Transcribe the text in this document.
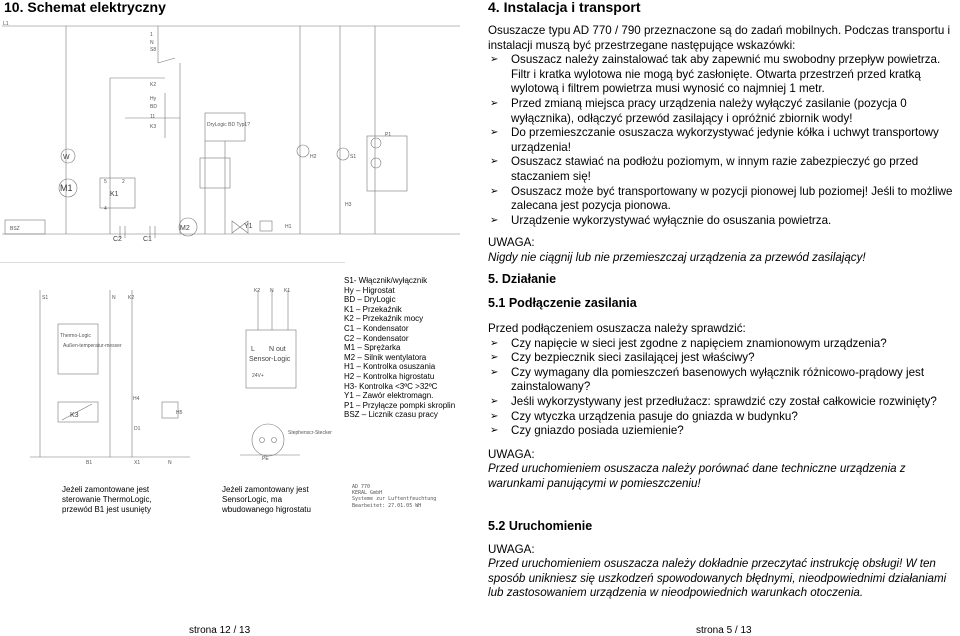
10. Schemat elektryczny
W
M1
K1
5	2
4
M2	Y1
C2	C1
BSZ
DryLogic BD Typ1?
H2	S1
P1
H1
H3
K2
Hy
BD
S8
N
11
K3
L1
1
Thermo-Logic
Außen-temperatur-messer
K3
H4
H5
L N out
Sensor-Logic
24V+
Stephenscr-Stecker
S1	N K2
K2 N K1
B1	X1	N
D1
PE
S1- Włącznik/wyłącznik
Hy – Higrostat
BD – DryLogic
K1 – Przekaźnik
K2 – Przekaźnik mocy
C1 – Kondensator
C2 – Kondensator
M1 – Sprężarka
M2 – Silnik wentylatora
H1 – Kontrolka osuszania
H2 – Kontrolka higrostatu
H3- Kontrolka <3ºC >32ºC
Y1 – Zawór elektromagn.
P1 – Przyłącze pompki skroplin
BSZ – Licznik czasu pracy
Jeżeli zamontowane jest
sterowanie ThermoLogic,
przewód B1 jest usunięty
Jeżeli zamontowany jest
SensorLogic, ma
wbudowanego higrostatu
AD 770
KERAL GmbH
Systeme zur Luftentfeuchtung
Bearbeitet: 27.01.05 WH
strona 12 / 13
4. Instalacja i transport
Osuszacze typu AD 770 / 790 przeznaczone są do zadań mobilnych. Podczas transportu i instalacji muszą być przestrzegane następujące wskazówki:
➢ Osuszacz należy zainstalować tak aby zapewnić mu swobodny przepływ powietrza. Filtr i kratka wylotowa nie mogą być zasłonięte. Otwarta przestrzeń przed kratką wylotową i filtrem powietrza musi wynosić co najmniej 1 metr.
➢ Przed zmianą miejsca pracy urządzenia należy wyłączyć zasilanie (pozycja 0 wyłącznika), odłączyć przewód zasilający i opróżnić zbiornik wody!
➢ Do przemieszczanie osuszacza wykorzystywać jedynie kółka i uchwyt transportowy urządzenia!
➢ Osuszacz stawiać na podłożu poziomym, w innym razie zabezpieczyć go przed staczaniem się!
➢ Osuszacz może być transportowany w pozycji pionowej lub poziomej! Jeśli to możliwe zalecana jest pozycja pionowa.
➢ Urządzenie wykorzystywać wyłącznie do osuszania powietrza.
UWAGA:
Nigdy nie ciągnij lub nie przemieszczaj urządzenia za przewód zasilający!
5. Działanie
5.1 Podłączenie zasilania
Przed podłączeniem osuszacza należy sprawdzić:
➢ Czy napięcie w sieci jest zgodne z napięciem znamionowym urządzenia?
➢ Czy bezpiecznik sieci zasilającej jest właściwy?
➢ Czy wymagany dla pomieszczeń basenowych wyłącznik różnicowo-prądowy jest zainstalowany?
➢ Jeśli wykorzystywany jest przedłużacz: sprawdzić czy został całkowicie rozwinięty?
➢ Czy wtyczka urządzenia pasuje do gniazda w budynku?
➢ Czy gniazdo posiada uziemienie?
UWAGA:
Przed uruchomieniem osuszacza należy porównać dane techniczne urządzenia z warunkami panującymi w pomieszczeniu!
5.2 Uruchomienie
UWAGA:
Przed uruchomieniem osuszacza należy dokładnie przeczytać instrukcję obsługi! W ten sposób unikniesz się uszkodzeń spowodowanych błędnymi, nieodpowiednimi działaniami lub zastosowaniem urządzenia w nieodpowiednich warunkach otoczenia.
strona 5 / 13
